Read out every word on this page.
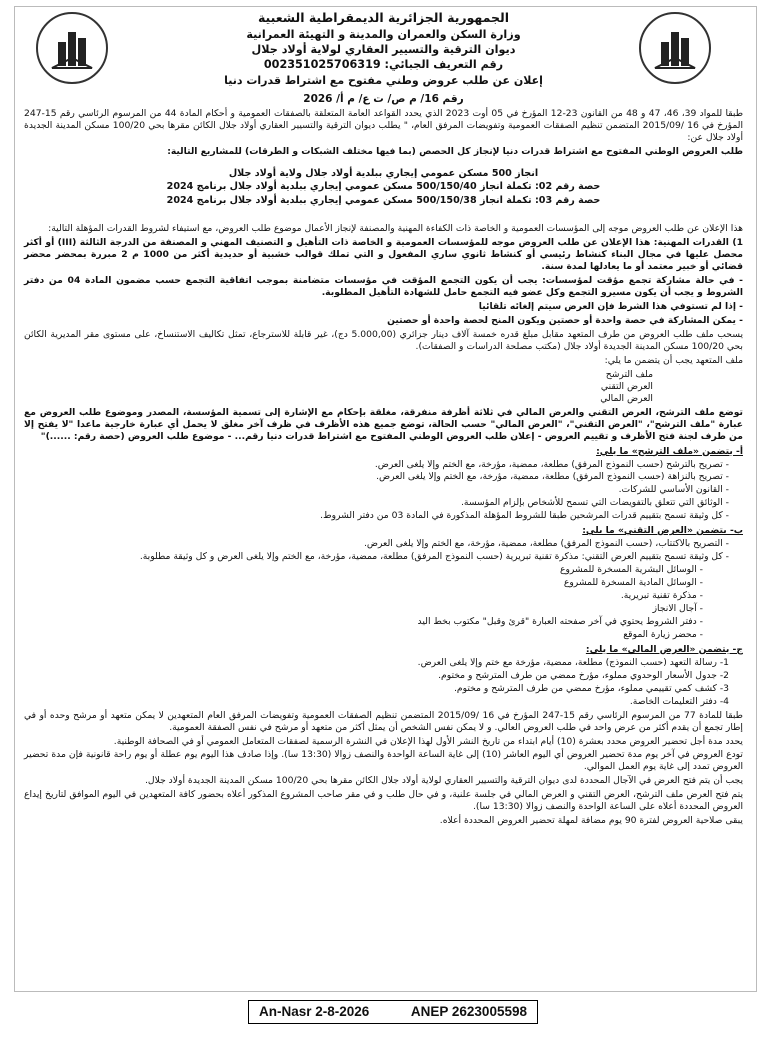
الجمهورية الجزائرية الديمقراطية الشعبية
وزارة السكن والعمران والمدينة و التهيئة العمرانية
ديوان الترقية والتسيير العقاري لولاية أولاد جلال
رقم التعريف الجبائي: 002351025706319
إعلان عن طلب عروض وطني مفتوح مع اشتراط قدرات دنيا
رقم 16/ م ص/ ت ع/ م أ/ 2026

طبقا للمواد 39، 46، 47 و 48 من القانون 23-12 المؤرخ في 05 أوت 2023 الذي يحدد القواعد العامة المتعلقة بالصفقات العمومية و أحكام المادة 44 من المرسوم الرئاسي رقم 15-247 المؤرخ في 16 /2015/09 المتضمن تنظيم الصفقات العمومية وتفويضات المرفق العام، " يطلب ديوان الترقية والتسيير العقاري أولاد جلال الكائن مقرها بحي 100/20 مسكن المدينة الجديدة أولاد جلال عن:

طلب العروض الوطني المفتوح مع اشتراط قدرات دنيا لإنجاز كل الحصص (بما فيها مختلف الشبكات و الطرقات) للمشاريع التالية:

انجاز 500 مسكن عمومي إيجاري ببلدية أولاد جلال ولاية أولاد جلال
حصة رقم 02: تكملة انجاز 500/150/40 مسكن عمومي إيجاري ببلدية أولاد جلال برنامج 2024
حصة رقم 03: تكملة انجاز 500/150/38 مسكن عمومي إيجاري ببلدية أولاد جلال برنامج 2024

هذا الإعلان عن طلب العروض موجه إلى المؤسسات العمومية و الخاصة ذات الكفاءة المهنية والمصنفة لإنجاز الأعمال موضوع طلب العروض، مع استيفاء لشروط القدرات المؤهلة التالية:

1) القدرات المهنية: هذا الإعلان عن طلب العروض موجه للمؤسسات العمومية و الخاصة ذات التأهيل و التصنيف المهني و المصنفة من الدرجة الثالثة (III) أو أكثر محصل عليها في مجال البناء كنشاط رئيسي أو كنشاط ثانوي ساري المفعول و التي تملك قوالب خشبية أو حديدية أكثر من 1000 م 2 مبررة بمحضر محضر قضائي أو خبير معتمد أو ما يعادلها لمدة سنة.

- في حالة مشاركة تجمع مؤقت لمؤسسات: يجب أن يكون التجمع المؤقت في مؤسسات متضامنة بموجب اتفاقية التجمع حسب مضمون المادة 04 من دفتر الشروط و يجب أن يكون مسيرو التجمع وكل عضو فيه التجمع حامل للشهادة التأهيل المطلوبة.

- إذا لم تستوفي هذا الشرط فإن العرض سيتم إلغائه تلقائيا

- يمكن المشاركة في حصة واحدة أو حصتين ويكون المنح لحصة واحدة أو حصتين

يسحب ملف طلب العروض من طرف المتعهد مقابل مبلغ قدره خمسة آلاف دينار جزائري (5.000,00 دج)، غير قابلة للاسترجاع، تمثل تكاليف الاستنساخ، على مستوى مقر المديرية الكائن بحي 100/20 مسكن المدينة الجديدة أولاد جلال (مكتب مصلحة الدراسات و الصفقات).

ملف المتعهد يجب أن يتضمن ما يلي:

ملف الترشح
العرض التقني
العرض المالي

توضع ملف الترشح، العرض التقني والعرض المالي في ثلاثة أظرفة منفرقة، مغلقة بإحكام مع الإشارة إلى تسمية المؤسسة، المصدر وموضوع طلب العروض مع عبارة "ملف الترشح"، "العرض التقني"، "العرض المالي" حسب الحالة، توضع جميع هذه الأظرف في ظرف آخر مغلق لا يحمل أي عبارة خارجية ماعدا "لا يفتح إلا من طرف لجنة فتح الأظرف و تقييم العروض - إعلان طلب العروض الوطني المفتوح مع اشتراط قدرات دنيا رقم... - موضوع طلب العروض (حصة رقم: ......)"

أ- يتضمن «ملف الترشح» ما يلي:
- تصريح بالترشح (حسب النموذج المرفق) مطلعة، ممضية، مؤرخة، مع الختم وإلا يلغى العرض.
- تصريح بالنزاهة (حسب النموذج المرفق) مطلعة، ممضية، مؤرخة، مع الختم وإلا يلغى العرض.
- القانون الأساسي للشركات.
- الوثائق التي تتعلق بالتفويضات التي تسمح للأشخاص بإلزام المؤسسة.
- كل وثيقة تسمح بتقييم قدرات المرشحين طبقا للشروط المؤهلة المذكورة في المادة 03 من دفتر الشروط.
ب- يتضمن «العرض التقني» ما يلي:
- التصريح بالاكتتاب، (حسب النموذج المرفق) مطلعة، ممضية، مؤرخة، مع الختم وإلا يلغى العرض.
- كل وثيقة تسمح بتقييم العرض التقني: مذكرة تقنية تبريرية (حسب النموذج المرفق) مطلعة، ممضية، مؤرخة، مع الختم وإلا يلغى العرض و كل وثيقة مطلوبة.
- الوسائل البشرية المسخرة للمشروع
- الوسائل المادية المسخرة للمشروع
- مذكرة تقنية تبريرية.
- آجال الانجاز
- دفتر الشروط يحتوي في آخر صفحته العبارة "قرئ وقبل" مكتوب بخط اليد
- محضر زيارة الموقع
ج- يتضمن «العرض المالي» ما يلي:
1- رسالة التعهد (حسب النموذج) مطلعة، ممضية، مؤرخة مع ختم وإلا يلغى العرض.
2- جدول الأسعار الوحدوي مملوء، مؤرخ ممضي من طرف المترشح و مختوم.
3- كشف كمي تقييمي مملوء، مؤرخ ممضي من طرف المترشح و مختوم.
4- دفتر التعليمات الخاصة.

طبقا للمادة 77 من المرسوم الرئاسي رقم 15-247 المؤرخ في 16 /2015/09 المتضمن تنظيم الصفقات العمومية وتفويضات المرفق العام المتعهدين لا يمكن متعهد أو مرشح وحده أو في إطار تجمع أن يقدم أكثر من عرض واحد في طلب العروض العالي. و لا يمكن نفس الشخص أن يمثل أكثر من متعهد أو مرشح في نفس الصفقة العمومية.

يحدد مدة أجل تحضير العروض محدد بعشرة (10) أيام ابتداء من تاريخ النشر الأول لهذا الإعلان في النشرة الرسمية لصفقات المتعامل العمومي أو في الصحافة الوطنية.

تودع العروض في آخر يوم مدة تحضير العروض أي اليوم العاشر (10) إلى غاية الساعة الواحدة والنصف زوالا (13:30 سا). وإذا صادف هذا اليوم يوم عطلة أو يوم راحة قانونية فإن مدة تحضير العروض تمدد إلى غاية يوم العمل الموالي.

يجب أن يتم فتح العرض في الآجال المحددة لدى ديوان الترقية والتسيير العقاري لولاية أولاد جلال الكائن مقرها بحي 100/20 مسكن المدينة الجديدة أولاد جلال.

يتم فتح العرض ملف الترشح، العرض التقني و العرض المالي في جلسة علنية، و في حال طلب و في مقر صاحب المشروع المذكور أعلاه بحضور كافة المتعهدين في اليوم الموافق لتاريخ إيداع العروض المحددة أعلاه على الساعة الواحدة والنصف زوالا (13:30 سا).

يبقى صلاحية العروض لفترة 90 يوم مضافة لمهلة تحضير العروض المحددة أعلاه.

An-Nasr 2-8-2026	ANEP 2623005598
